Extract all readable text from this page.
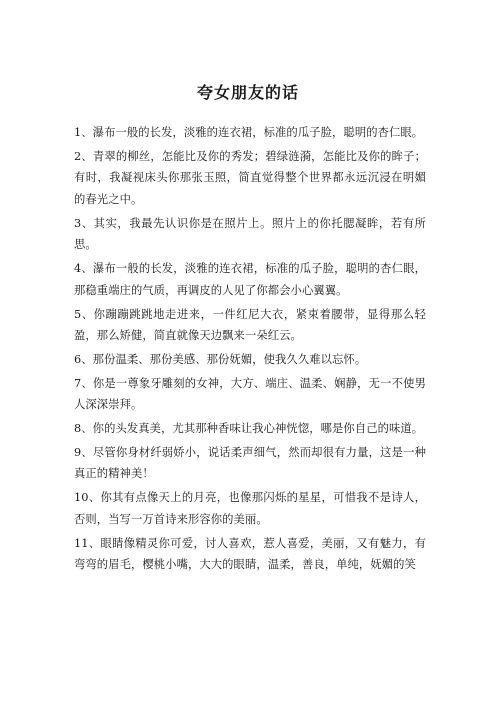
夸女朋友的话

1、瀑布一般的长发，淡雅的连衣裙，标准的瓜子脸，聪明的杏仁眼。

2、青翠的柳丝，怎能比及你的秀发；碧绿涟漪，怎能比及你的眸子；有时，我凝视床头你那张玉照，简直觉得整个世界都永远沉浸在明媚的春光之中。

3、其实，我最先认识你是在照片上。照片上的你托腮凝眸，若有所思。

4、瀑布一般的长发，淡雅的连衣裙，标准的瓜子脸，聪明的杏仁眼，那稳重端庄的气质，再调皮的人见了你都会小心翼翼。

5、你蹦蹦跳跳地走进来，一件红尼大衣，紧束着腰带，显得那么轻盈，那么矫健，简直就像天边飘来一朵红云。

6、那份温柔、那份美感、那份妩媚，使我久久难以忘怀。

7、你是一尊象牙雕刻的女神，大方、端庄、温柔、娴静，无一不使男人深深崇拜。

8、你的头发真美，尤其那种香味让我心神恍惚，哪是你自己的味道。

9、尽管你身材纤弱娇小，说话柔声细气，然而却很有力量，这是一种真正的精神美！

10、你其有点像天上的月亮，也像那闪烁的星星，可惜我不是诗人，否则，当写一万首诗来形容你的美丽。

11、眼睛像精灵你可爱，讨人喜欢，惹人喜爱，美丽，又有魅力，有弯弯的眉毛，樱桃小嘴，大大的眼睛，温柔，善良，单纯，妩媚的笑
